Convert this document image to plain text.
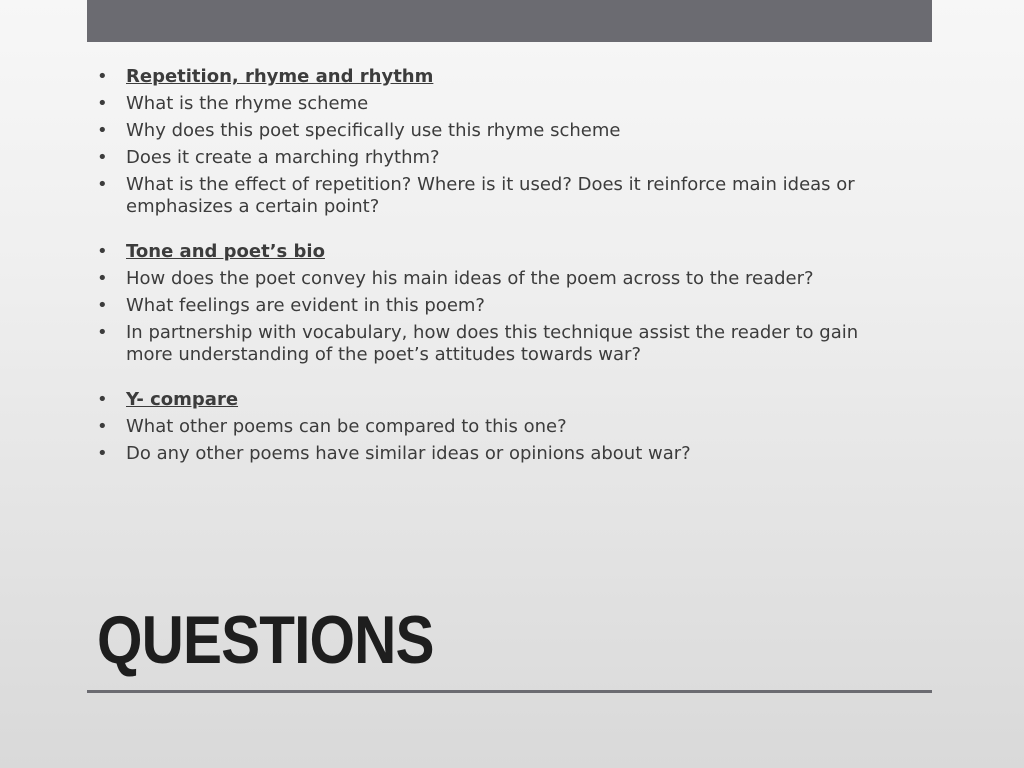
• Repetition, rhyme and rhythm
• What is the rhyme scheme
• Why does this poet specifically use this rhyme scheme
• Does it create a marching rhythm?
• What is the effect of repetition? Where is it used? Does it reinforce main ideas or emphasizes a certain point?
• Tone and poet’s bio
• How does the poet convey his main ideas of the poem across to the reader?
• What feelings are evident in this poem?
• In partnership with vocabulary, how does this technique assist the reader to gain more understanding of the poet’s attitudes towards war?
• Y- compare
• What other poems can be compared to this one?
• Do any other poems have similar ideas or opinions about war?
QUESTIONS
